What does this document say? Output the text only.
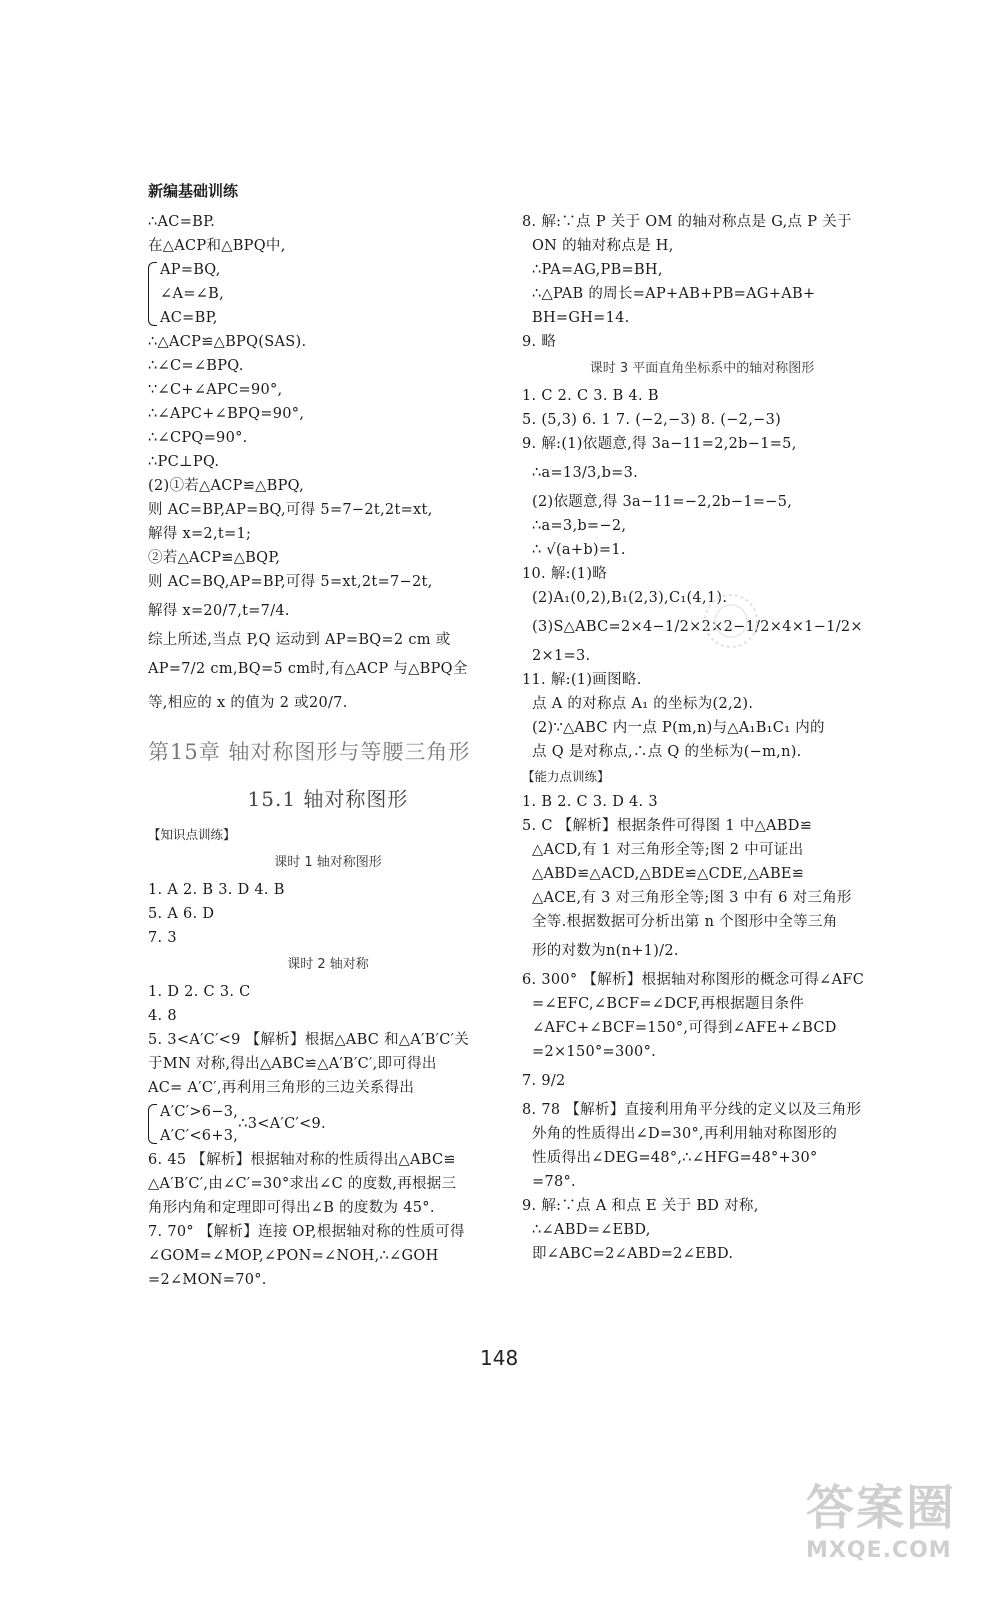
新编基础训练
∴AC=BP.
在△ACP和△BPQ中,
AP=BQ,
∠A=∠B,
AC=BP,
∴△ACP≌△BPQ(SAS).
∴∠C=∠BPQ.
∵∠C+∠APC=90°,
∴∠APC+∠BPQ=90°,
∴∠CPQ=90°.
∴PC⊥PQ.
(2)①若△ACP≌△BPQ,
则 AC=BP,AP=BQ,可得 5=7−2t,2t=xt,
解得 x=2,t=1;
②若△ACP≌△BQP,
则 AC=BQ,AP=BP,可得 5=xt,2t=7−2t,
解得 x=20/7,t=7/4.
综上所述,当点 P,Q 运动到 AP=BQ=2 cm 或
AP=7/2 cm,BQ=5 cm时,有△ACP 与△BPQ全
等,相应的 x 的值为 2 或20/7.
第15章 轴对称图形与等腰三角形
15.1 轴对称图形
【知识点训练】
课时 1 轴对称图形
1. A 2. B 3. D 4. B
5. A 6. D
7. 3
课时 2 轴对称
1. D 2. C 3. C
4. 8
5. 3<A′C′<9 【解析】根据△ABC 和△A′B′C′关
于MN 对称,得出△ABC≌△A′B′C′,即可得出
AC= A′C′,再利用三角形的三边关系得出
A′C′>6−3,
A′C′<6+3,
∴3<A′C′<9.
6. 45 【解析】根据轴对称的性质得出△ABC≌
△A′B′C′,由∠C′=30°求出∠C 的度数,再根据三
角形内角和定理即可得出∠B 的度数为 45°.
7. 70° 【解析】连接 OP,根据轴对称的性质可得
∠GOM=∠MOP,∠PON=∠NOH,∴∠GOH
=2∠MON=70°.
8. 解:∵点 P 关于 OM 的轴对称点是 G,点 P 关于
ON 的轴对称点是 H,
∴PA=AG,PB=BH,
∴△PAB 的周长=AP+AB+PB=AG+AB+
BH=GH=14.
9. 略
课时 3 平面直角坐标系中的轴对称图形
1. C 2. C 3. B 4. B
5. (5,3) 6. 1 7. (−2,−3) 8. (−2,−3)
9. 解:(1)依题意,得 3a−11=2,2b−1=5,
∴a=13/3,b=3.
(2)依题意,得 3a−11=−2,2b−1=−5,
∴a=3,b=−2,
∴ √(a+b)=1.
10. 解:(1)略
(2)A₁(0,2),B₁(2,3),C₁(4,1).
(3)S△ABC=2×4−1/2×2×2−1/2×4×1−1/2×
2×1=3.
11. 解:(1)画图略.
点 A 的对称点 A₁ 的坐标为(2,2).
(2)∵△ABC 内一点 P(m,n)与△A₁B₁C₁ 内的
点 Q 是对称点,∴点 Q 的坐标为(−m,n).
【能力点训练】
1. B 2. C 3. D 4. 3
5. C 【解析】根据条件可得图 1 中△ABD≌
△ACD,有 1 对三角形全等;图 2 中可证出
△ABD≌△ACD,△BDE≌△CDE,△ABE≌
△ACE,有 3 对三角形全等;图 3 中有 6 对三角形
全等.根据数据可分析出第 n 个图形中全等三角
形的对数为n(n+1)/2.
6. 300° 【解析】根据轴对称图形的概念可得∠AFC
=∠EFC,∠BCF=∠DCF,再根据题目条件
∠AFC+∠BCF=150°,可得到∠AFE+∠BCD
=2×150°=300°.
7. 9/2
8. 78 【解析】直接利用角平分线的定义以及三角形
外角的性质得出∠D=30°,再利用轴对称图形的
性质得出∠DEG=48°,∴∠HFG=48°+30°
=78°.
9. 解:∵点 A 和点 E 关于 BD 对称,
∴∠ABD=∠EBD,
即∠ABC=2∠ABD=2∠EBD.
148
答案圈
MXQE.COM
